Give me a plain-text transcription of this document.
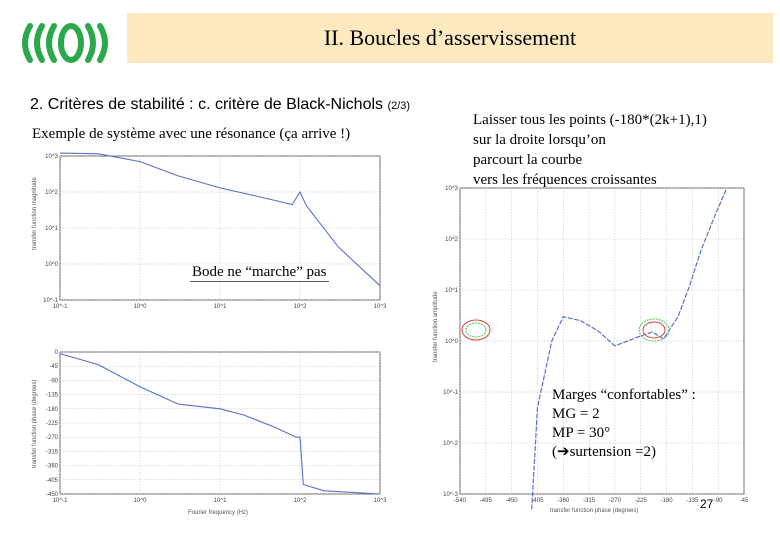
II. Boucles d’asservissement
2. Critères de stabilité : c. critère de Black-Nichols (2/3)
Exemple de système avec une résonance (ça arrive !)
10^3
10^2
10^1
10^0
10^-1
10^-1	10^0	10^1	10^2	10^3
transfer function magnitude
0
-45
-90
-135
-180
-225
-270
-315
-360
-405
-450
10^-1	10^0	10^1	10^2	10^3
transfer function phase (degrees)
Fourier frequency (Hz)
10^3
10^2
10^1
10^0
10^-1
10^-2
10^-3
-540 -495 -450 -405 -360 -315 -270 -225 -180 -135	-90	-45
transfer function amplitude
transfer function phase (degrees)
Laisser tous les points (-180*(2k+1),1)
sur la droite lorsqu’on
parcourt la courbe
vers les fréquences croissantes
Bode ne “marche” pas
Marges “confortables” :
MG = 2
MP = 30°
(➔surtension =2)
27
